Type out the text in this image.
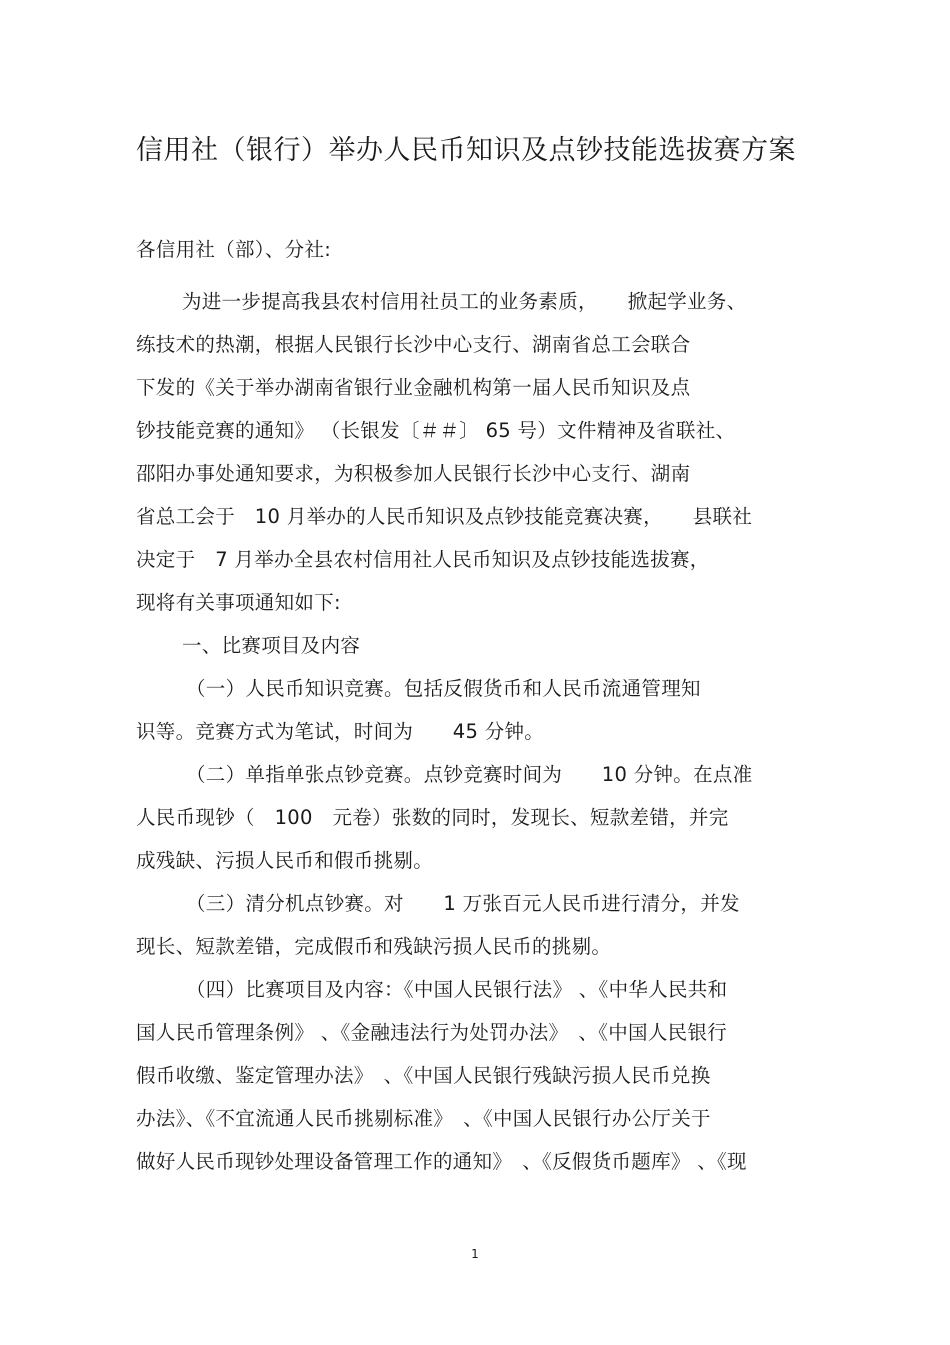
信用社（银行）举办人民币知识及点钞技能选拔赛方案
各信用社（部）、分社:
为进一步提高我县农村信用社员工的业务素质，　　掀起学业务、
练技术的热潮，根据人民银行长沙中心支行、湖南省总工会联合
下发的《关于举办湖南省银行业金融机构第一届人民币知识及点
钞技能竞赛的通知》 （长银发〔＃＃〕 65 号）文件精神及省联社、
邵阳办事处通知要求，为积极参加人民银行长沙中心支行、湖南
省总工会于　10 月举办的人民币知识及点钞技能竞赛决赛，　　县联社
决定于　7 月举办全县农村信用社人民币知识及点钞技能选拔赛，
现将有关事项通知如下:
一、比赛项目及内容
（一）人民币知识竞赛。包括反假货币和人民币流通管理知
识等。竞赛方式为笔试，时间为　　45 分钟。
（二）单指单张点钞竞赛。点钞竞赛时间为　　10 分钟。在点准
人民币现钞（　100　元卷）张数的同时，发现长、短款差错，并完
成残缺、污损人民币和假币挑剔。
（三）清分机点钞赛。对　　1 万张百元人民币进行清分，并发
现长、短款差错，完成假币和残缺污损人民币的挑剔。
（四）比赛项目及内容：《中国人民银行法》 、《中华人民共和
国人民币管理条例》 、《金融违法行为处罚办法》　、《中国人民银行
假币收缴、鉴定管理办法》　、《中国人民银行残缺污损人民币兑换
办法》、《不宜流通人民币挑剔标准》　、《中国人民银行办公厅关于
做好人民币现钞处理设备管理工作的通知》　、《反假货币题库》 、《现
1
